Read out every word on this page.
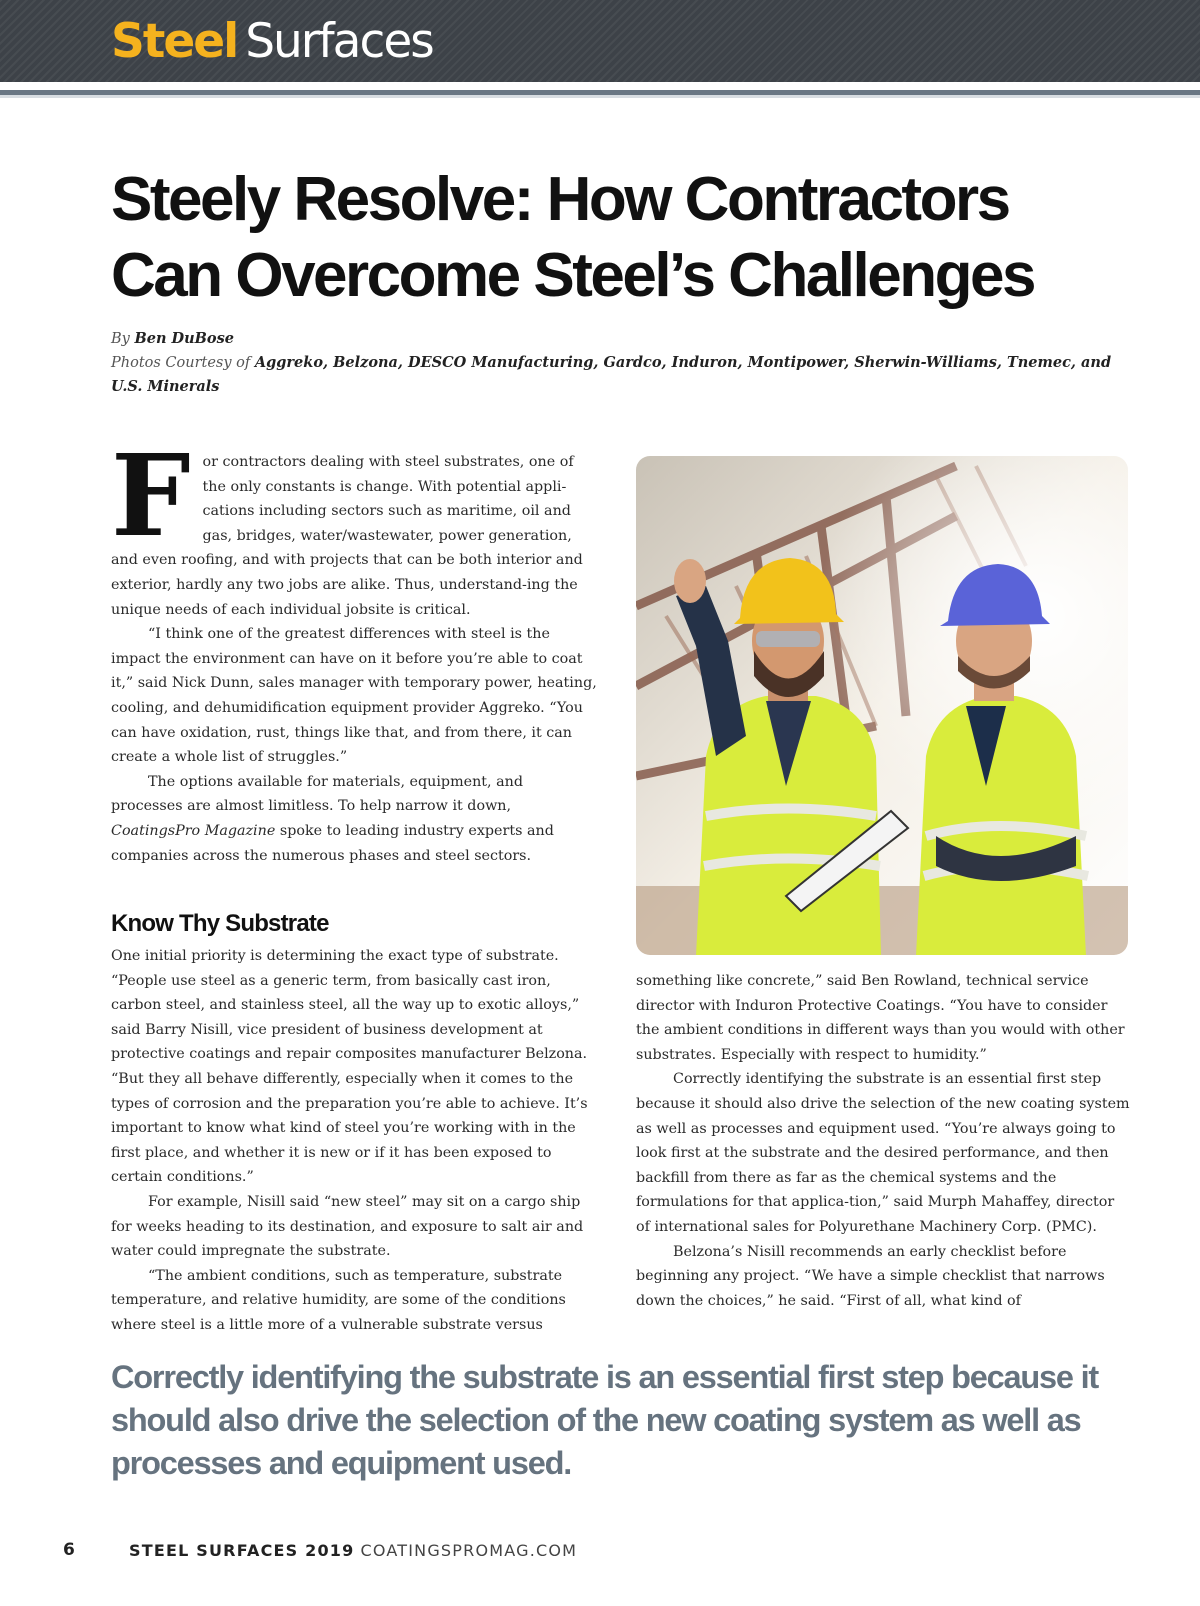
Steel Surfaces
Steely Resolve: How Contractors Can Overcome Steel’s Challenges
By Ben DuBose
Photos Courtesy of Aggreko, Belzona, DESCO Manufacturing, Gardco, Induron, Montipower, Sherwin-Williams, Tnemec, and U.S. Minerals

For contractors dealing with steel substrates, one of the only constants is change. With potential appli-cations including sectors such as maritime, oil and gas, bridges, water/wastewater, power generation, and even roofing, and with projects that can be both interior and exterior, hardly any two jobs are alike. Thus, understand-ing the unique needs of each individual jobsite is critical.

“I think one of the greatest differences with steel is the impact the environment can have on it before you’re able to coat it,” said Nick Dunn, sales manager with temporary power, heating, cooling, and dehumidification equipment provider Aggreko. “You can have oxidation, rust, things like that, and from there, it can create a whole list of struggles.”

The options available for materials, equipment, and processes are almost limitless. To help narrow it down, CoatingsPro Magazine spoke to leading industry experts and companies across the numerous phases and steel sectors.

Know Thy Substrate

One initial priority is determining the exact type of substrate. “People use steel as a generic term, from basically cast iron, carbon steel, and stainless steel, all the way up to exotic alloys,” said Barry Nisill, vice president of business development at protective coatings and repair composites manufacturer Belzona. “But they all behave differently, especially when it comes to the types of corrosion and the preparation you’re able to achieve. It’s important to know what kind of steel you’re working with in the first place, and whether it is new or if it has been exposed to certain conditions.”

For example, Nisill said “new steel” may sit on a cargo ship for weeks heading to its destination, and exposure to salt air and water could impregnate the substrate.

“The ambient conditions, such as temperature, substrate temperature, and relative humidity, are some of the conditions where steel is a little more of a vulnerable substrate versus

something like concrete,” said Ben Rowland, technical service director with Induron Protective Coatings. “You have to consider the ambient conditions in different ways than you would with other substrates. Especially with respect to humidity.”

Correctly identifying the substrate is an essential first step because it should also drive the selection of the new coating system as well as processes and equipment used. “You’re always going to look first at the substrate and the desired performance, and then backfill from there as far as the chemical systems and the formulations for that applica-tion,” said Murph Mahaffey, director of international sales for Polyurethane Machinery Corp. (PMC).

Belzona’s Nisill recommends an early checklist before beginning any project. “We have a simple checklist that narrows down the choices,” he said. “First of all, what kind of

Correctly identifying the substrate is an essential first step because it should also drive the selection of the new coating system as well as processes and equipment used.
6	STEEL SURFACES 2019 COATINGSPROMAG.COM
